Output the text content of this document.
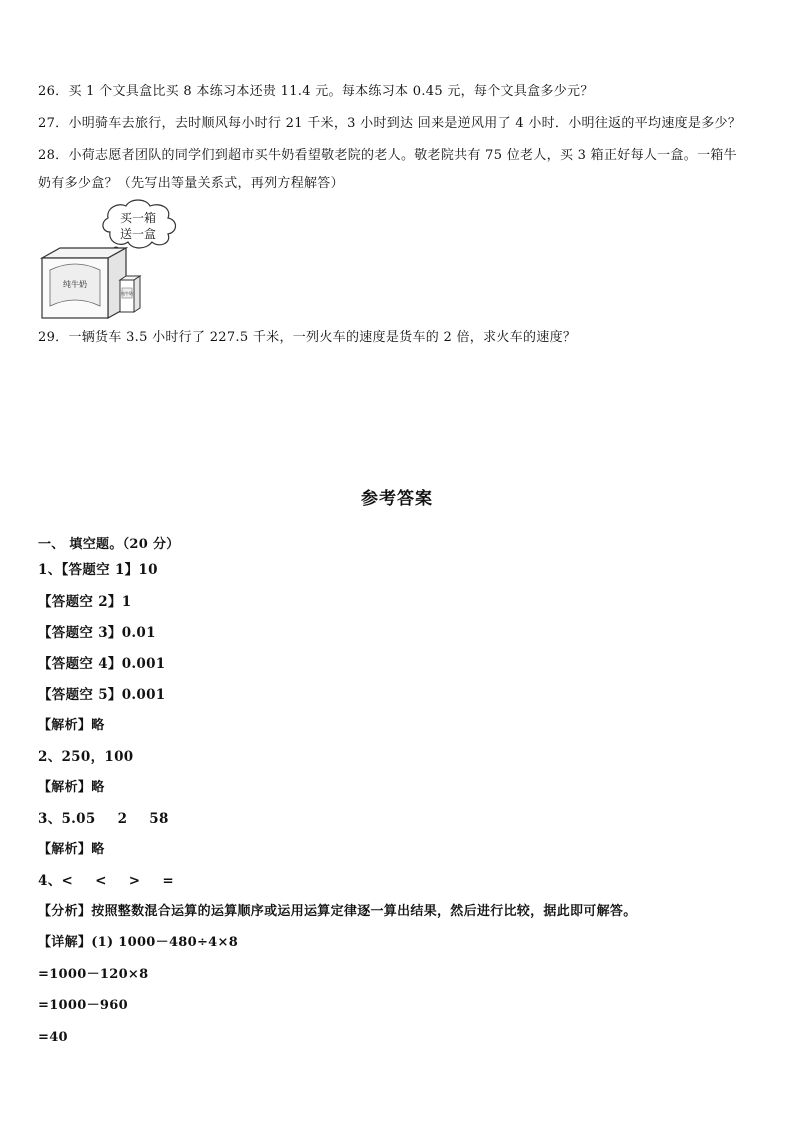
26．买 1 个文具盒比买 8 本练习本还贵 11.4 元。每本练习本 0.45 元，每个文具盒多少元？
27．小明骑车去旅行，去时顺风每小时行 21 千米，3 小时到达 回来是逆风用了 4 小时．小明往返的平均速度是多少？
28．小荷志愿者团队的同学们到超市买牛奶看望敬老院的老人。敬老院共有 75 位老人，买 3 箱正好每人一盒。一箱牛
奶有多少盒？（先写出等量关系式，再列方程解答）
买一箱
送一盒
纯牛奶
纯牛奶
29．一辆货车 3.5 小时行了 227.5 千米，一列火车的速度是货车的 2 倍，求火车的速度？
参考答案
一、 填空题。（20 分）
1、【答题空 1】10
【答题空 2】1
【答题空 3】0.01
【答题空 4】0.001
【答题空 5】0.001
【解析】略
2、250，100
【解析】略
3、5.05 2 58
【解析】略
4、< < > =
【分析】按照整数混合运算的运算顺序或运用运算定律逐一算出结果，然后进行比较，据此即可解答。
【详解】(1) 1000－480÷4×8
=1000－120×8
=1000－960
=40
